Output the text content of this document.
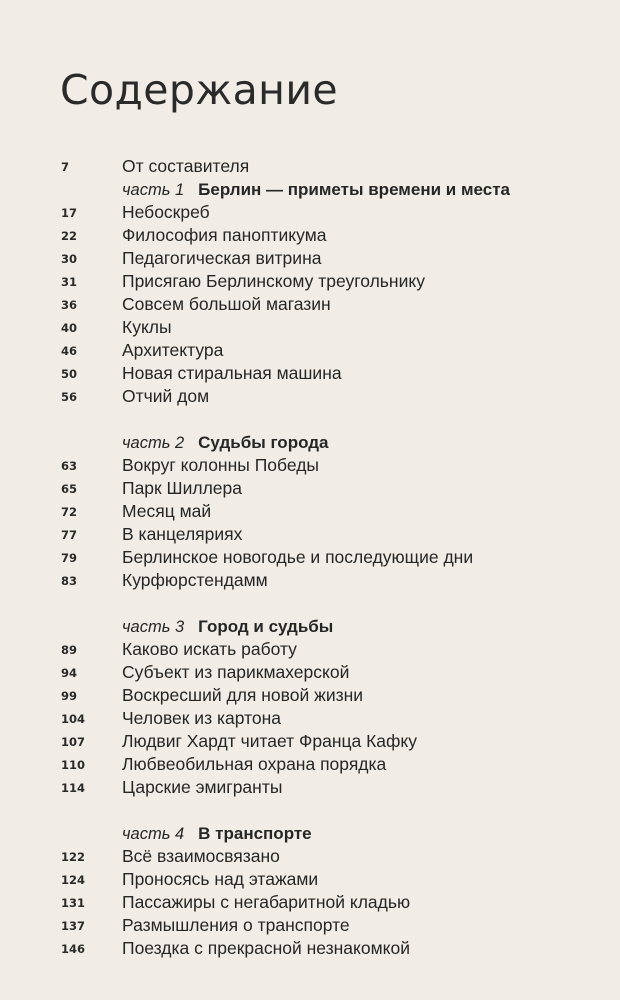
Содержание
7	От составителя
часть 1 Берлин — приметы времени и места
17	Небоскреб
22	Философия паноптикума
30	Педагогическая витрина
31	Присягаю Берлинскому треугольнику
36	Совсем большой магазин
40	Куклы
46	Архитектура
50	Новая стиральная машина
56	Отчий дом
часть 2 Судьбы города
63	Вокруг колонны Победы
65	Парк Шиллера
72	Месяц май
77	В канцеляриях
79	Берлинское новогодье и последующие дни
83	Курфюрстендамм
часть 3 Город и судьбы
89	Каково искать работу
94	Субъект из парикмахерской
99	Воскресший для новой жизни
104 Человек из картона
107 Людвиг Хардт читает Франца Кафку
110 Любвеобильная охрана порядка
114 Царские эмигранты
часть 4 В транспорте
122 Всё взаимосвязано
124 Проносясь над этажами
131 Пассажиры с негабаритной кладью
137 Размышления о транспорте
146 Поездка с прекрасной незнакомкой
